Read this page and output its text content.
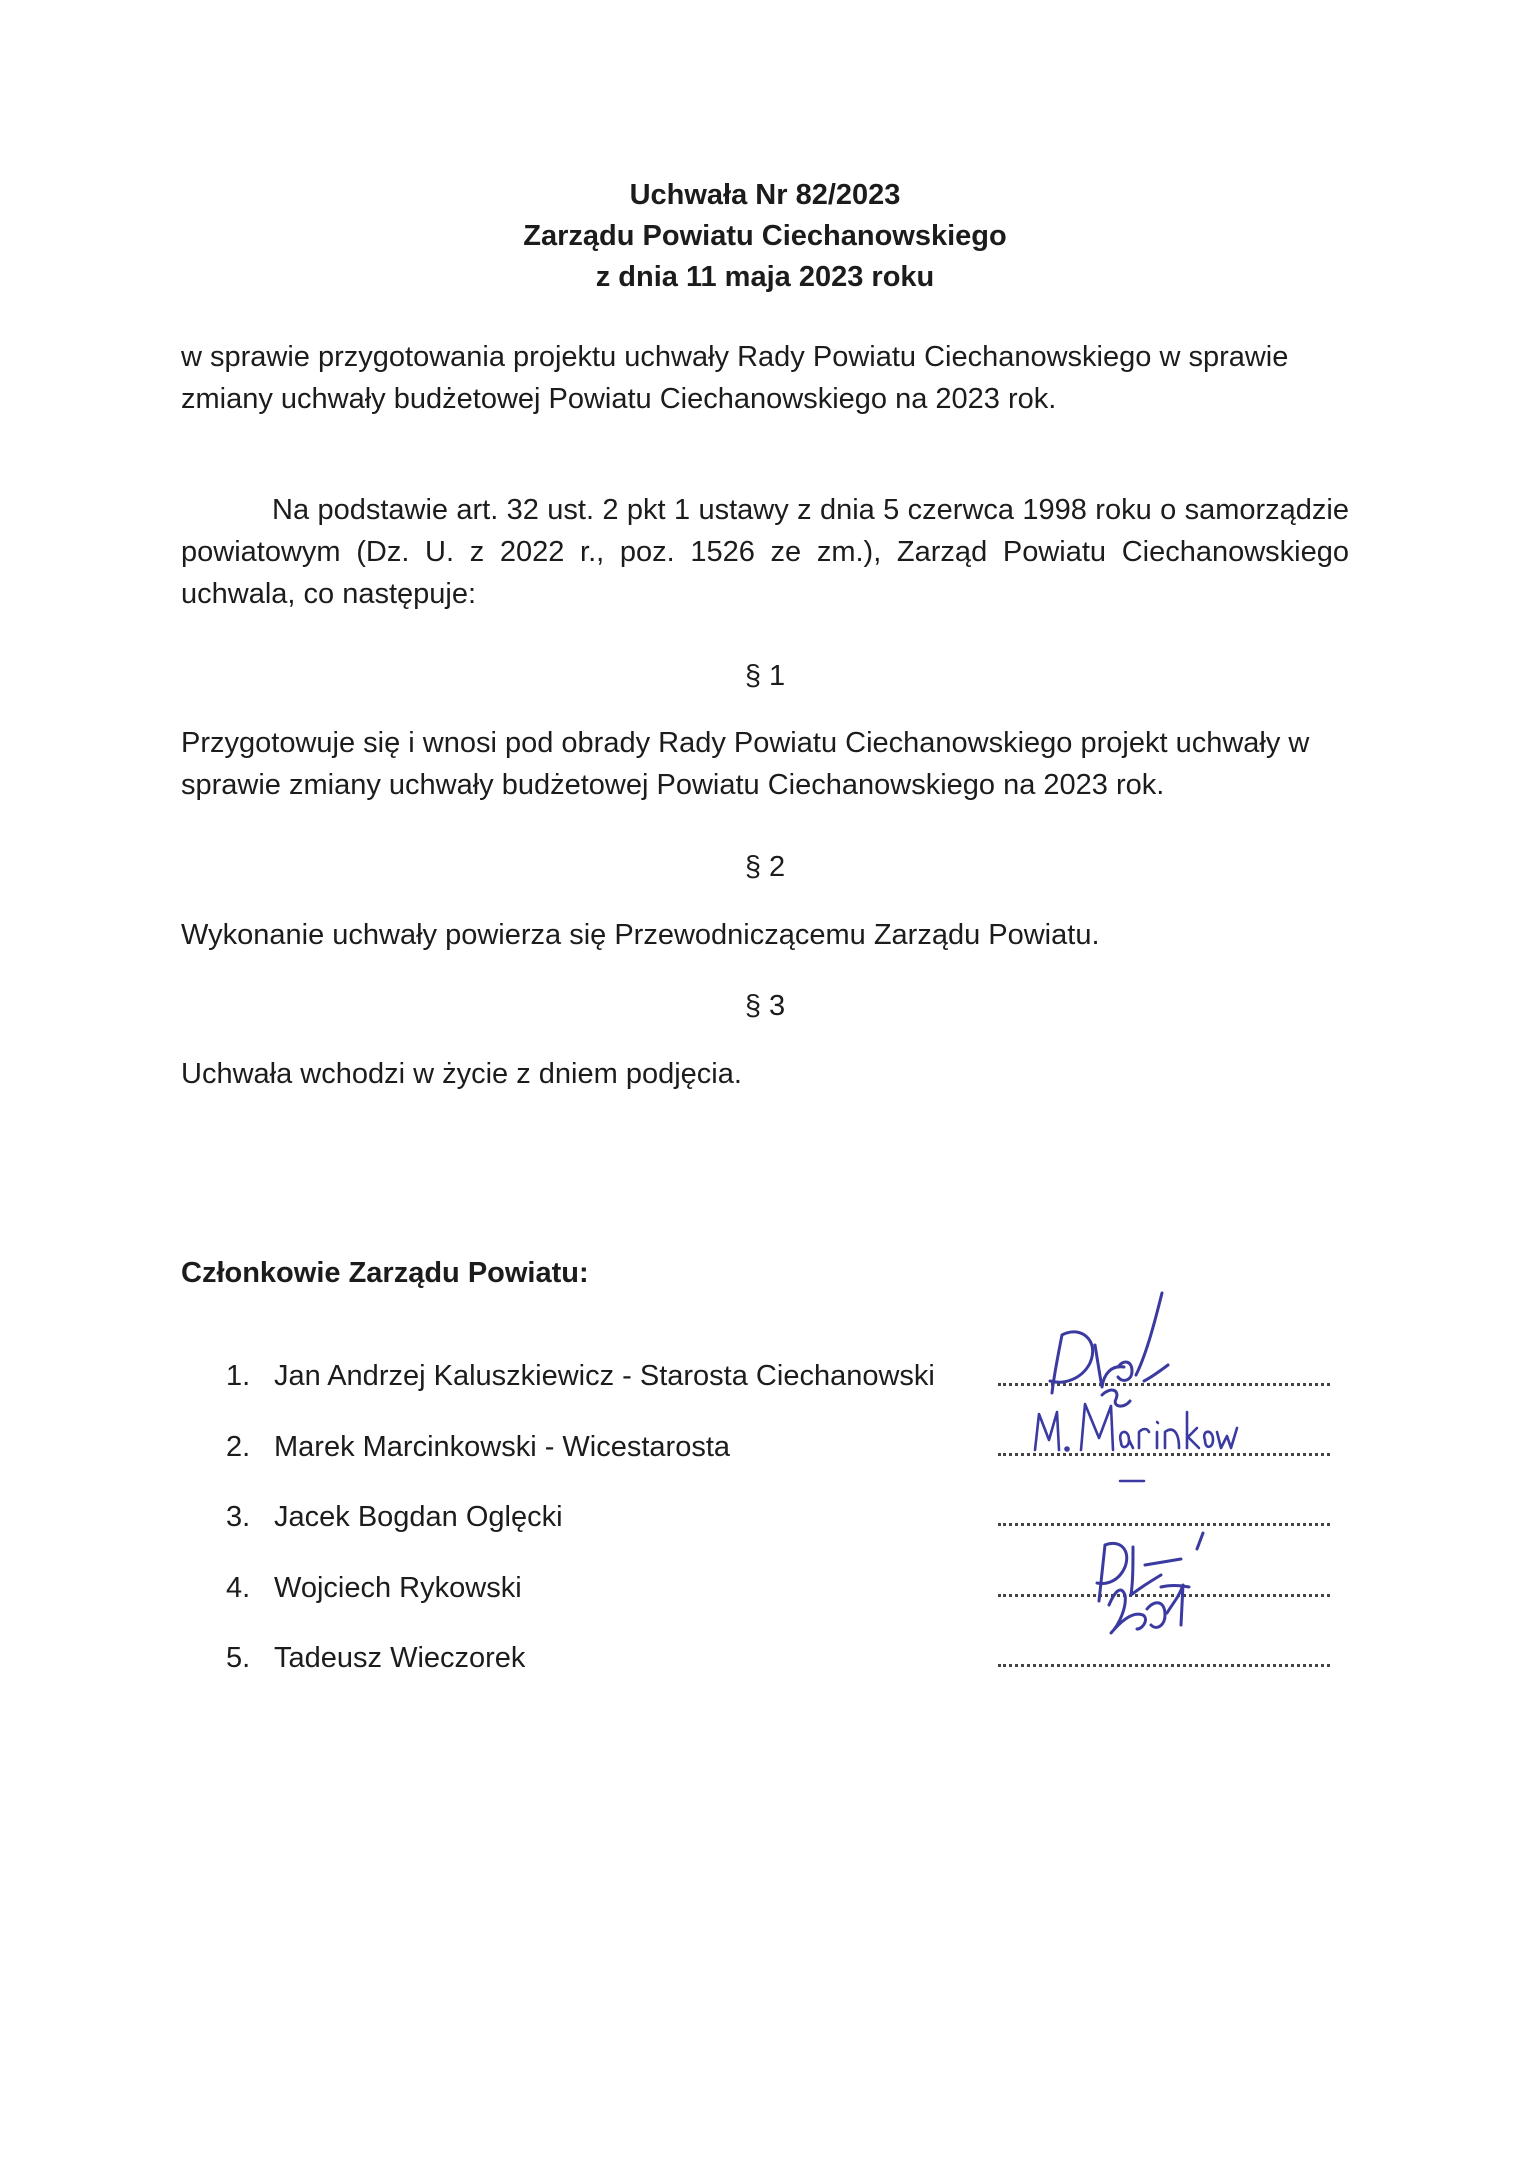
Uchwała Nr 82/2023
Zarządu Powiatu Ciechanowskiego
z dnia 11 maja 2023 roku
w sprawie przygotowania projektu uchwały Rady Powiatu Ciechanowskiego w sprawie zmiany uchwały budżetowej Powiatu Ciechanowskiego na 2023 rok.
Na podstawie art. 32 ust. 2 pkt 1 ustawy z dnia 5 czerwca 1998 roku o samorządzie powiatowym (Dz. U. z 2022 r., poz. 1526 ze zm.), Zarząd Powiatu Ciechanowskiego uchwala, co następuje:
§ 1
Przygotowuje się i wnosi pod obrady Rady Powiatu Ciechanowskiego projekt uchwały w sprawie zmiany uchwały budżetowej Powiatu Ciechanowskiego na 2023 rok.
§ 2
Wykonanie uchwały powierza się Przewodniczącemu Zarządu Powiatu.
§ 3
Uchwała wchodzi w życie z dniem podjęcia.
Członkowie Zarządu Powiatu:
1. Jan Andrzej Kaluszkiewicz - Starosta Ciechanowski
2. Marek Marcinkowski - Wicestarosta
3. Jacek Bogdan Oglęcki
4. Wojciech Rykowski
5. Tadeusz Wieczorek
